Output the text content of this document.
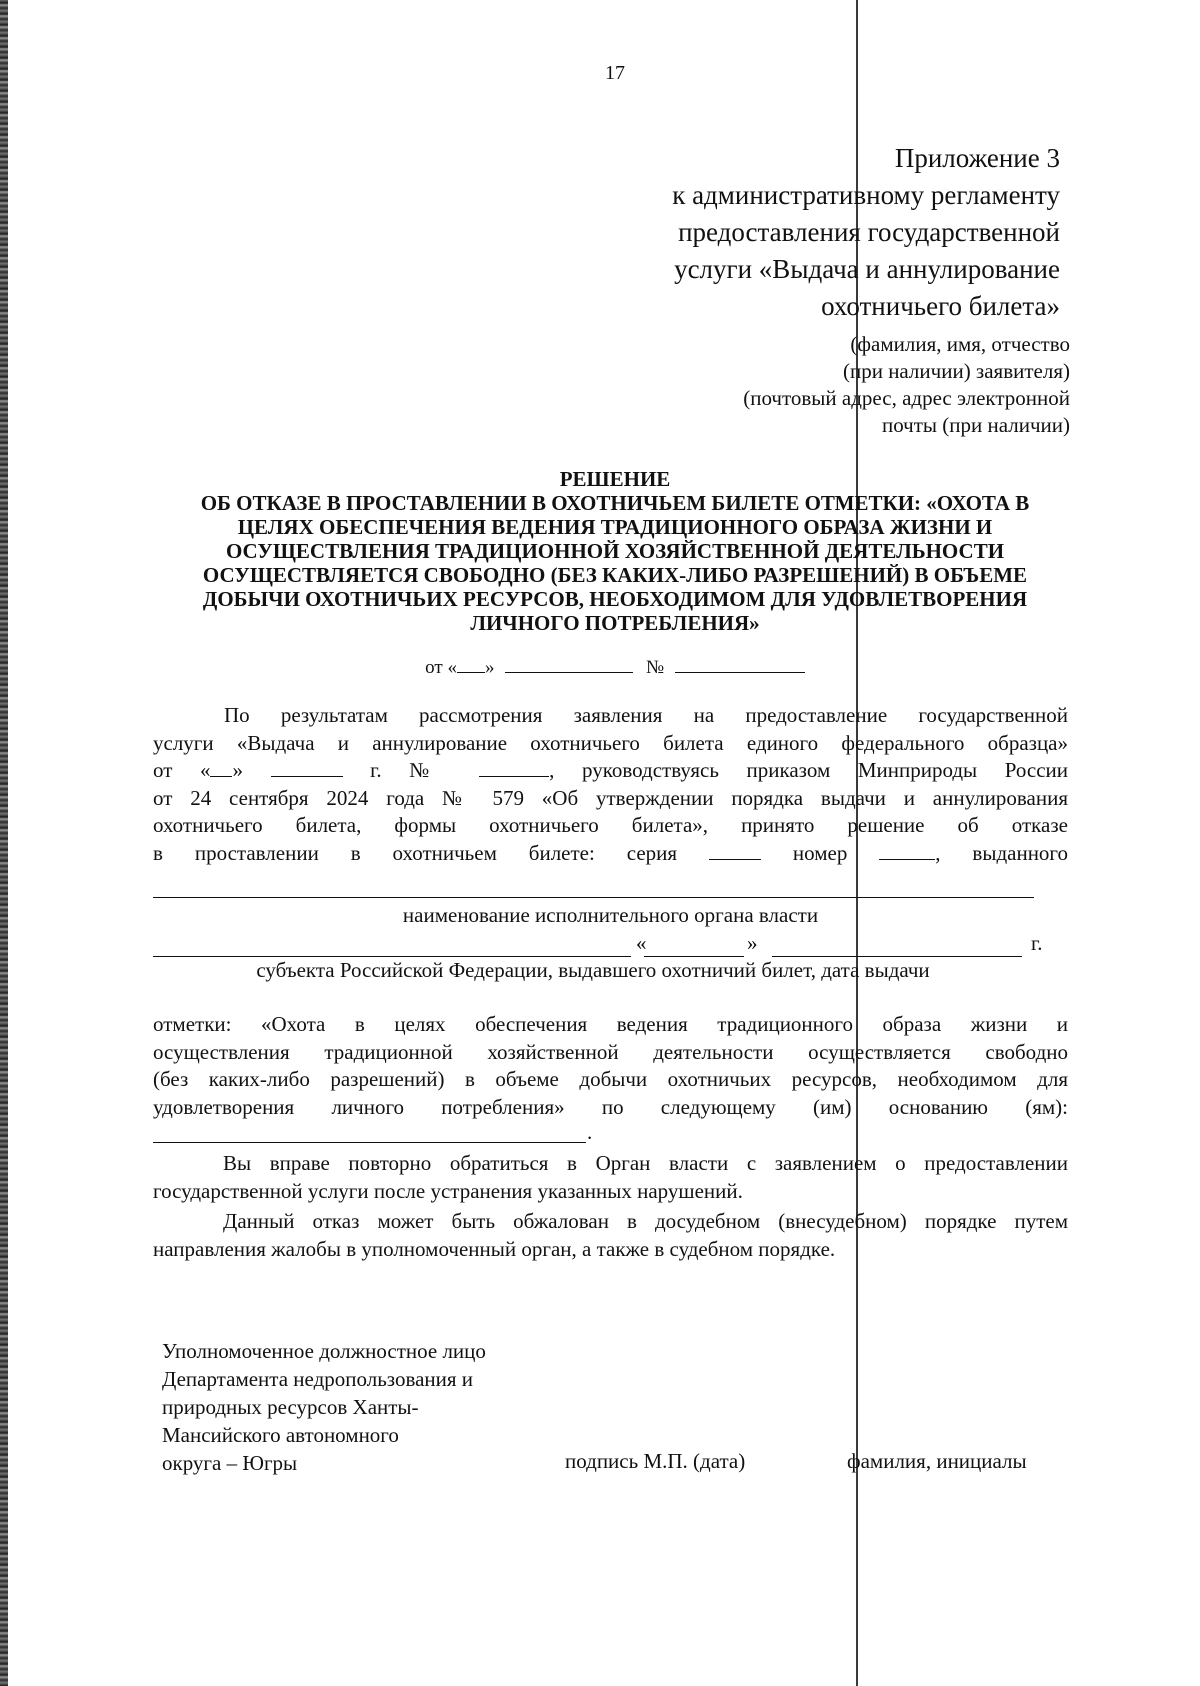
17
Приложение 3
к административному регламенту
предоставления государственной
услуги «Выдача и аннулирование
охотничьего билета»
(фамилия, имя, отчество
(при наличии) заявителя)
(почтовый адрес, адрес электронной
почты (при наличии)
РЕШЕНИЕ
ОБ ОТКАЗЕ В ПРОСТАВЛЕНИИ В ОХОТНИЧЬЕМ БИЛЕТЕ ОТМЕТКИ: «ОХОТА В
ЦЕЛЯХ ОБЕСПЕЧЕНИЯ ВЕДЕНИЯ ТРАДИЦИОННОГО ОБРАЗА ЖИЗНИ И
ОСУЩЕСТВЛЕНИЯ ТРАДИЦИОННОЙ ХОЗЯЙСТВЕННОЙ ДЕЯТЕЛЬНОСТИ
ОСУЩЕСТВЛЯЕТСЯ СВОБОДНО (БЕЗ КАКИХ-ЛИБО РАЗРЕШЕНИЙ) В ОБЪЕМЕ
ДОБЫЧИ ОХОТНИЧЬИХ РЕСУРСОВ, НЕОБХОДИМОМ ДЛЯ УДОВЛЕТВОРЕНИЯ
ЛИЧНОГО ПОТРЕБЛЕНИЯ»
от « »	№
По результатам рассмотрения заявления на предоставление государственной
услуги «Выдача и аннулирование охотничьего билета единого федерального образца»
от « »	г. №	, руководствуясь приказом Минприроды России
от 24 сентября 2024 года № 579 «Об утверждении порядка выдачи и аннулирования
охотничьего билета, формы охотничьего билета», принято решение об отказе
в проставлении в охотничьем билете: серия	номер	, выданного
наименование исполнительного органа власти
«	»	г.
субъекта Российской Федерации, выдавшего охотничий билет, дата выдачи
отметки: «Охота в целях обеспечения ведения традиционного образа жизни и
осуществления традиционной хозяйственной деятельности осуществляется свободно
(без каких-либо разрешений) в объеме добычи охотничьих ресурсов, необходимом для
удовлетворения личного потребления» по следующему (им) основанию (ям):
.
Вы вправе повторно обратиться в Орган власти с заявлением о предоставлении
государственной услуги после устранения указанных нарушений.
Данный отказ может быть обжалован в досудебном (внесудебном) порядке путем
направления жалобы в уполномоченный орган, а также в судебном порядке.
Уполномоченное должностное лицо
Департамента недропользования и
природных ресурсов Ханты-
Мансийского автономного
округа – Югры	подпись М.П. (дата)	фамилия, инициалы
